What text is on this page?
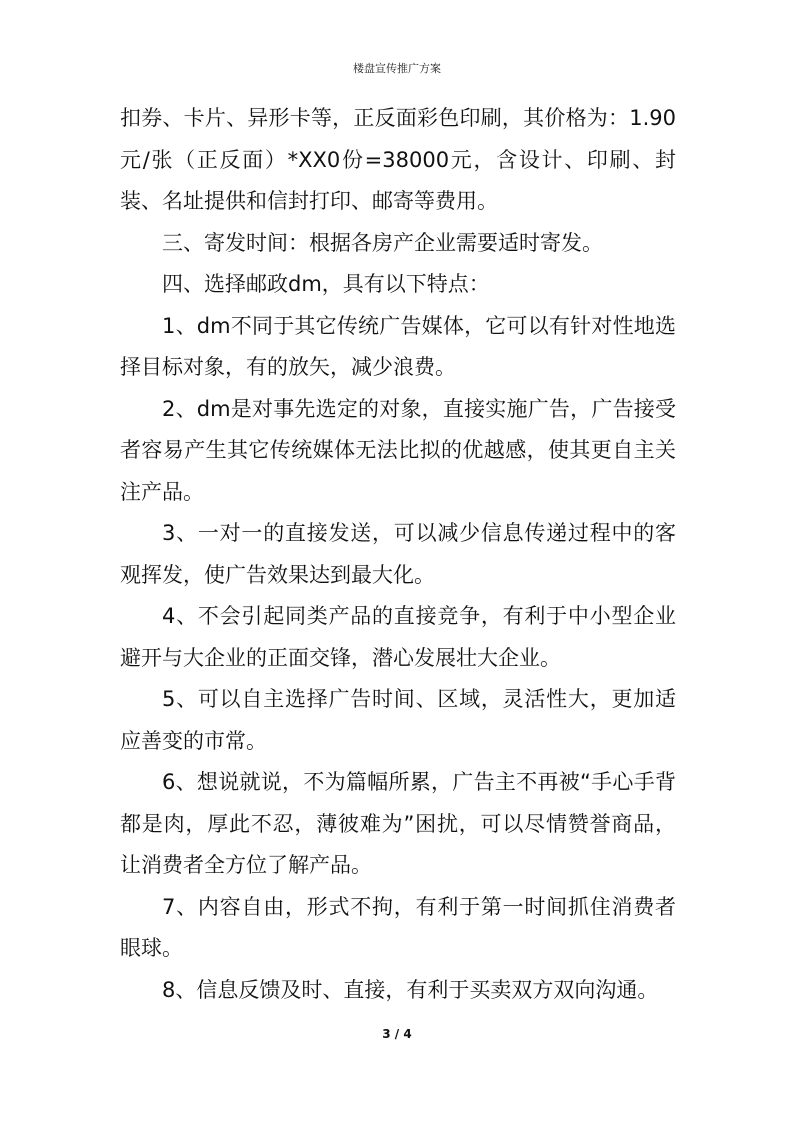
楼盘宣传推广方案

扣券、卡片、异形卡等，正反面彩色印刷，其价格为：1.90元/张（正反面）*XX0份=38000元，含设计、印刷、封装、名址提供和信封打印、邮寄等费用。

三、寄发时间：根据各房产企业需要适时寄发。

四、选择邮政dm，具有以下特点：

1、dm不同于其它传统广告媒体，它可以有针对性地选择目标对象，有的放矢，减少浪费。

2、dm是对事先选定的对象，直接实施广告，广告接受者容易产生其它传统媒体无法比拟的优越感，使其更自主关注产品。

3、一对一的直接发送，可以减少信息传递过程中的客观挥发，使广告效果达到最大化。

4、不会引起同类产品的直接竞争，有利于中小型企业避开与大企业的正面交锋，潜心发展壮大企业。

5、可以自主选择广告时间、区域，灵活性大，更加适应善变的市常。

6、想说就说，不为篇幅所累，广告主不再被“手心手背都是肉，厚此不忍，薄彼难为”困扰，可以尽情赞誉商品，让消费者全方位了解产品。

7、内容自由，形式不拘，有利于第一时间抓住消费者眼球。

8、信息反馈及时、直接，有利于买卖双方双向沟通。

3 / 4
